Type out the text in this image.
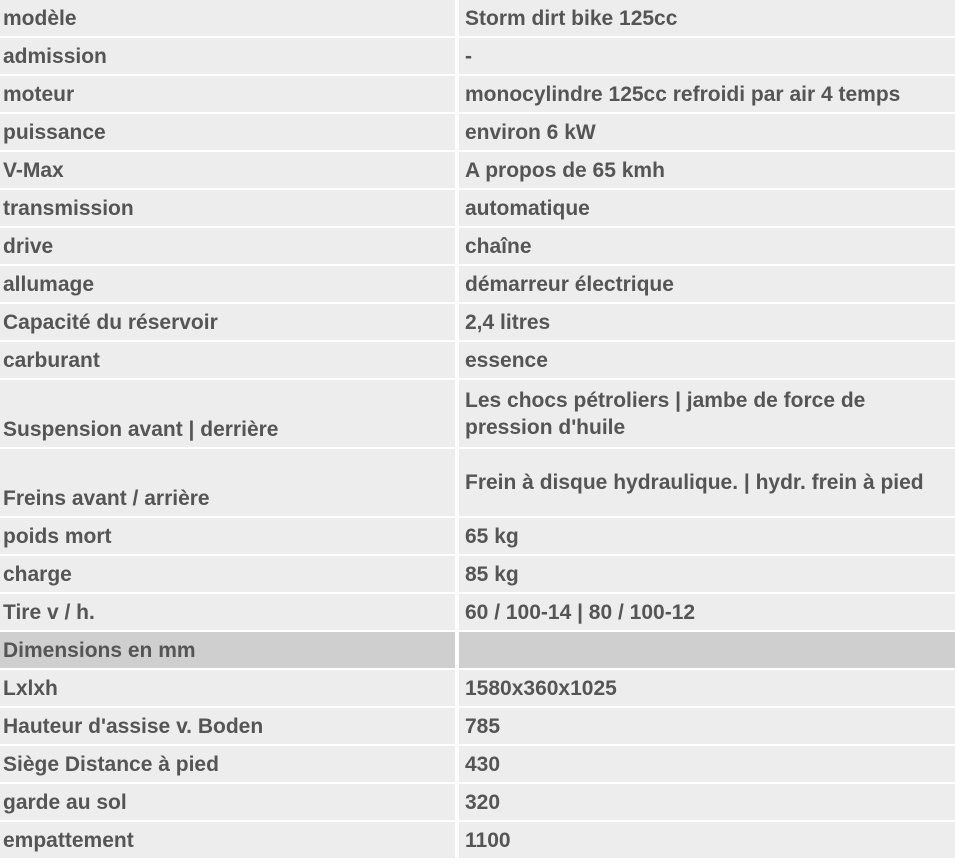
modèle	Storm dirt bike 125cc
admission	-
moteur	monocylindre 125cc refroidi par air 4 temps
puissance	environ 6 kW
V-Max	A propos de 65 kmh
transmission	automatique
drive	chaîne
allumage	démarreur électrique
Capacité du réservoir	2,4 litres
carburant	essence
Suspension avant | derrière	Les chocs pétroliers | jambe de force de pression d'huile
Freins avant / arrière	Frein à disque hydraulique. | hydr. frein à pied
poids mort	65 kg
charge	85 kg
Tire v / h.	60 / 100-14 | 80 / 100-12
Dimensions en mm	
Lxlxh	1580x360x1025
Hauteur d'assise v. Boden	785
Siège Distance à pied	430
garde au sol	320
empattement	1100
